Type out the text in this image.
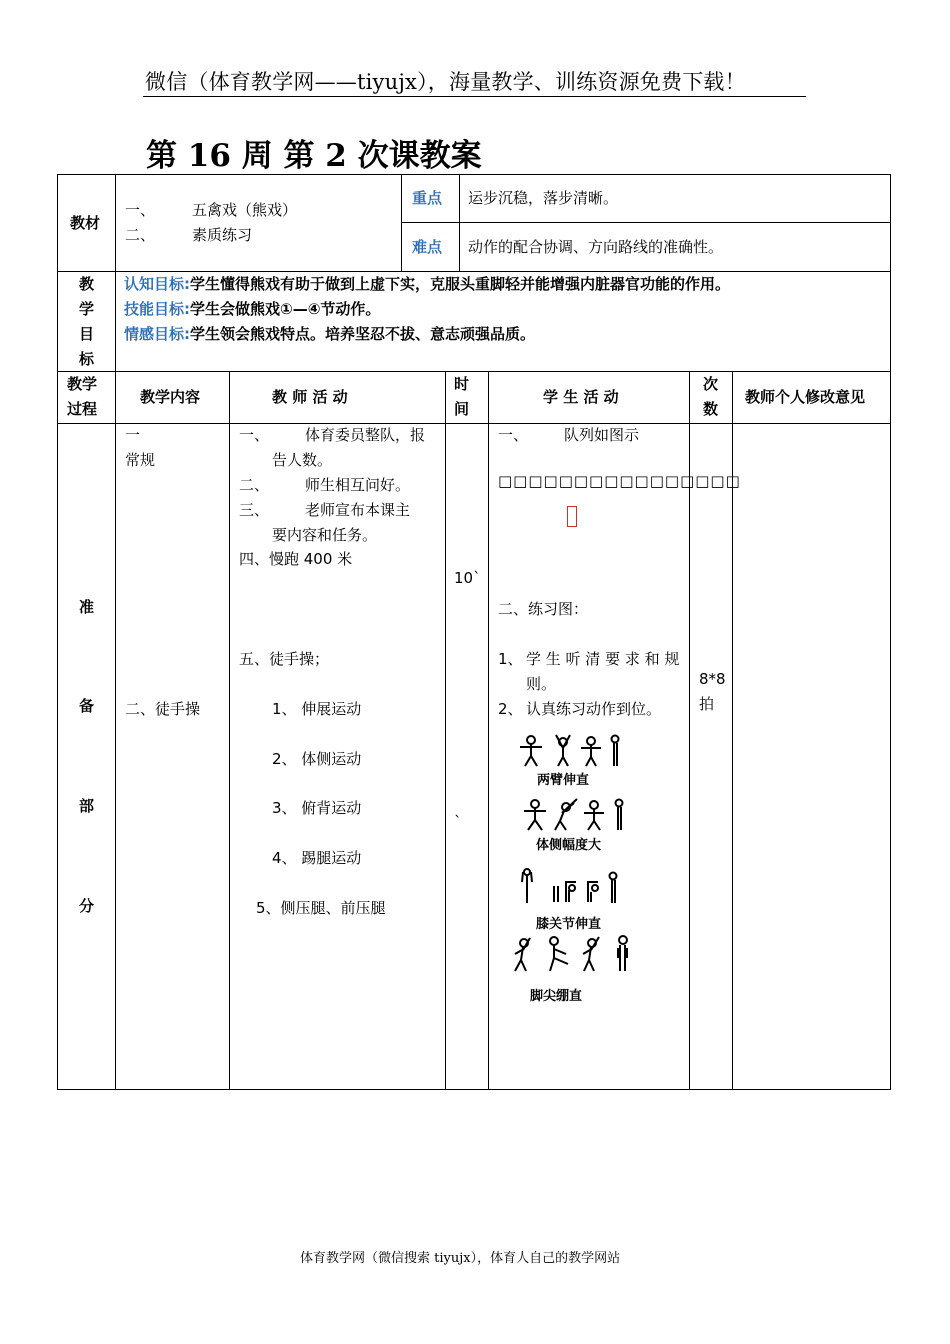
微信（体育教学网——tiyujx），海量教学、训练资源免费下载！
第 16 周 第 2 次课教案
教材
一、 五禽戏（熊戏）
二、 素质练习
重点 运步沉稳，落步清晰。
难点 动作的配合协调、方向路线的准确性。
教
学
目
标
认知目标:学生懂得熊戏有助于做到上虚下实，克服头重脚轻并能增强内脏器官功能的作用。
技能目标:学生会做熊戏①—④节动作。
情感目标:学生领会熊戏特点。培养坚忍不拔、意志顽强品质。
教学
过程
教学内容	教 师 活 动
时
间
学 生 活 动
次
数
教师个人修改意见
准
备
部
分
一
常规
二、徒手操
一、 体育委员整队，报
告人数。
二、 师生相互问好。
三、 老师宣布本课主
要内容和任务。
四、慢跑 400 米
五、徒手操；
1、 伸展运动
2、 体侧运动
3、 俯背运动
4、 踢腿运动
5、侧压腿、前压腿
10`
`
一、 队列如图示
□□□□□□□□□□□□□□□□
二、练习图：
1、 学 生 听 清 要 求 和 规
则。
2、 认真练习动作到位。
两臂伸直
体侧幅度大
膝关节伸直
脚尖绷直
8*8
拍
体育教学网（微信搜索 tiyujx），体育人自己的教学网站
